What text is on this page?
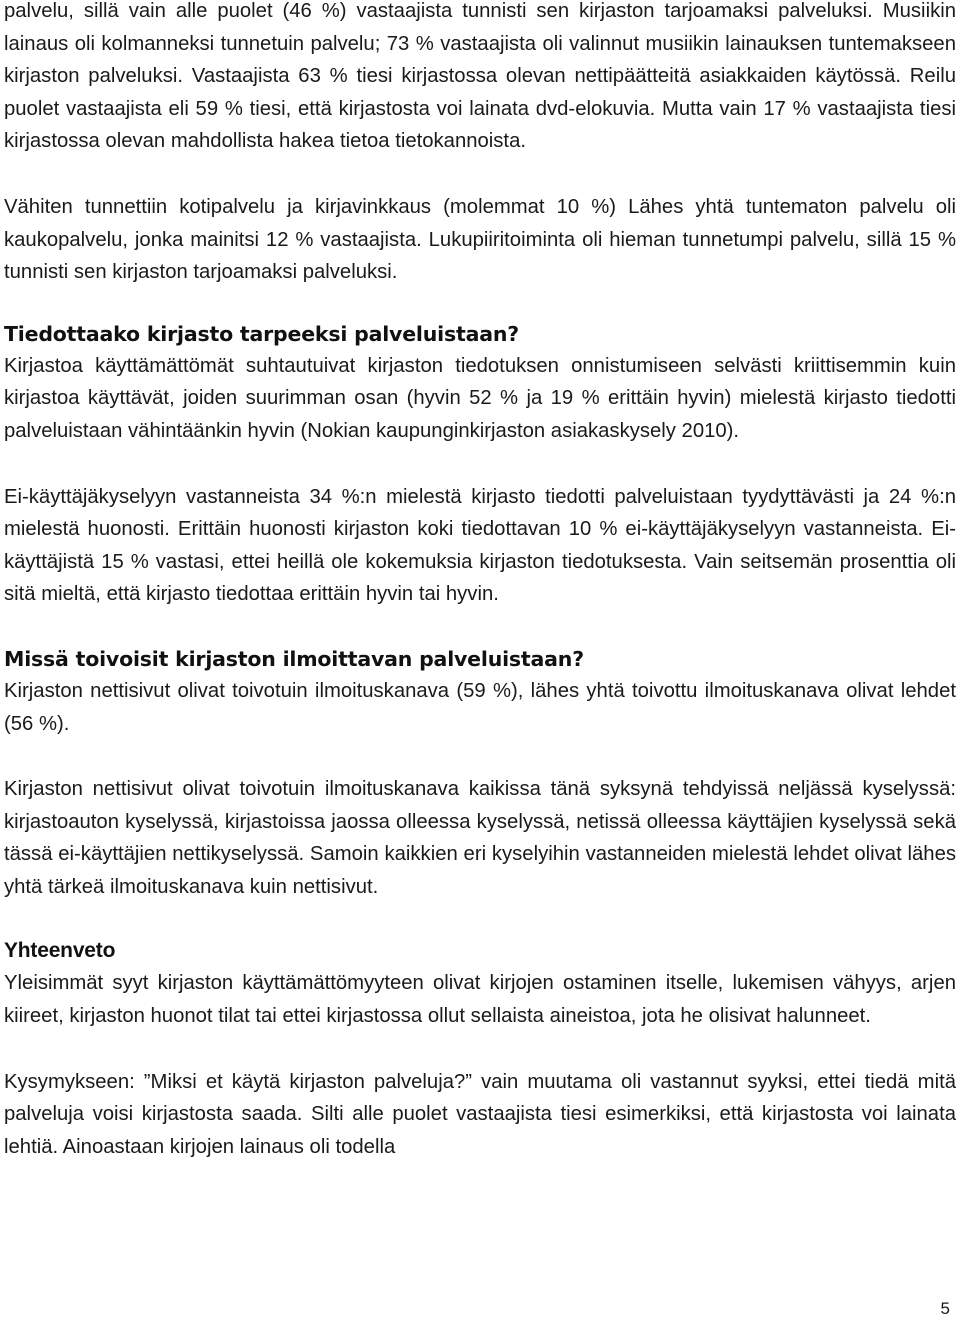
palvelu, sillä vain alle puolet (46 %) vastaajista tunnisti sen kirjaston tarjoamaksi palveluksi. Musiikin lainaus oli kolmanneksi tunnetuin palvelu; 73 % vastaajista oli valinnut musiikin lainauksen tuntemakseen kirjaston palveluksi. Vastaajista 63 % tiesi kirjastossa olevan nettipäätteitä asiakkaiden käytössä. Reilu puolet vastaajista eli 59 % tiesi, että kirjastosta voi lainata dvd-elokuvia. Mutta vain 17 % vastaajista tiesi kirjastossa olevan mahdollista hakea tietoa tietokannoista.

Vähiten tunnettiin kotipalvelu ja kirjavinkkaus (molemmat 10 %) Lähes yhtä tuntematon palvelu oli kaukopalvelu, jonka mainitsi 12 % vastaajista. Lukupiiritoiminta oli hieman tunnetumpi palvelu, sillä 15 % tunnisti sen kirjaston tarjoamaksi palveluksi.

Tiedottaako kirjasto tarpeeksi palveluistaan?

Kirjastoa käyttämättömät suhtautuivat kirjaston tiedotuksen onnistumiseen selvästi kriittisemmin kuin kirjastoa käyttävät, joiden suurimman osan (hyvin 52 % ja 19 % erittäin hyvin) mielestä kirjasto tiedotti palveluistaan vähintäänkin hyvin (Nokian kaupunginkirjaston asiakaskysely 2010).

Ei-käyttäjäkyselyyn vastanneista 34 %:n mielestä kirjasto tiedotti palveluistaan tyydyttävästi ja 24 %:n mielestä huonosti. Erittäin huonosti kirjaston koki tiedottavan 10 % ei-käyttäjäkyselyyn vastanneista. Ei-käyttäjistä 15 % vastasi, ettei heillä ole kokemuksia kirjaston tiedotuksesta. Vain seitsemän prosenttia oli sitä mieltä, että kirjasto tiedottaa erittäin hyvin tai hyvin.

Missä toivoisit kirjaston ilmoittavan palveluistaan?

Kirjaston nettisivut olivat toivotuin ilmoituskanava (59 %), lähes yhtä toivottu ilmoituskanava olivat lehdet (56 %).

Kirjaston nettisivut olivat toivotuin ilmoituskanava kaikissa tänä syksynä tehdyissä neljässä kyselyssä: kirjastoauton kyselyssä, kirjastoissa jaossa olleessa kyselyssä, netissä olleessa käyttäjien kyselyssä sekä tässä ei-käyttäjien nettikyselyssä. Samoin kaikkien eri kyselyihin vastanneiden mielestä lehdet olivat lähes yhtä tärkeä ilmoituskanava kuin nettisivut.

Yhteenveto

Yleisimmät syyt kirjaston käyttämättömyyteen olivat kirjojen ostaminen itselle, lukemisen vähyys, arjen kiireet, kirjaston huonot tilat tai ettei kirjastossa ollut sellaista aineistoa, jota he olisivat halunneet.

Kysymykseen: ”Miksi et käytä kirjaston palveluja?” vain muutama oli vastannut syyksi, ettei tiedä mitä palveluja voisi kirjastosta saada. Silti alle puolet vastaajista tiesi esimerkiksi, että kirjastosta voi lainata lehtiä. Ainoastaan kirjojen lainaus oli todella

5
